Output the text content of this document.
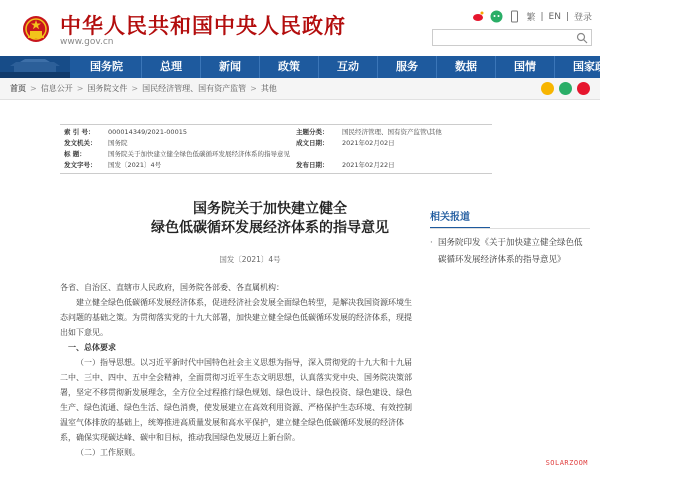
中华人民共和国中央人民政府
www.gov.cn
繁 | EN | 登录
国务院	总理	新闻	政策	互动	服务	数据	国情	国家政务服务平台
首页 > 信息公开 > 国务院文件 > 国民经济管理、国有资产监管 > 其他
索 引 号：	000014349/2021-00015	主题分类：	国民经济管理、国有资产监管\其他
发文机关：	国务院	成文日期：	2021年02月02日
标 题：	国务院关于加快建立健全绿色低碳循环发展经济体系的指导意见
发文字号：	国发〔2021〕4号	发布日期：	2021年02月22日
国务院关于加快建立健全
绿色低碳循环发展经济体系的指导意见
国发〔2021〕4号

各省、自治区、直辖市人民政府，国务院各部委、各直属机构：

建立健全绿色低碳循环发展经济体系，促进经济社会发展全面绿色转型，是解决我国资源环境生态问题的基础之策。为贯彻落实党的十九大部署，加快建立健全绿色低碳循环发展的经济体系，现提出如下意见。

一、总体要求

（一）指导思想。以习近平新时代中国特色社会主义思想为指导，深入贯彻党的十九大和十九届二中、三中、四中、五中全会精神，全面贯彻习近平生态文明思想，认真落实党中央、国务院决策部署，坚定不移贯彻新发展理念，全方位全过程推行绿色规划、绿色设计、绿色投资、绿色建设、绿色生产、绿色流通、绿色生活、绿色消费，使发展建立在高效利用资源、严格保护生态环境、有效控制温室气体排放的基础上，统筹推进高质量发展和高水平保护，建立健全绿色低碳循环发展的经济体系，确保实现碳达峰、碳中和目标，推动我国绿色发展迈上新台阶。

（二）工作原则。

相关报道
· 国务院印发《关于加快建立健全绿色低碳循环发展经济体系的指导意见》
SOLARZOOM
